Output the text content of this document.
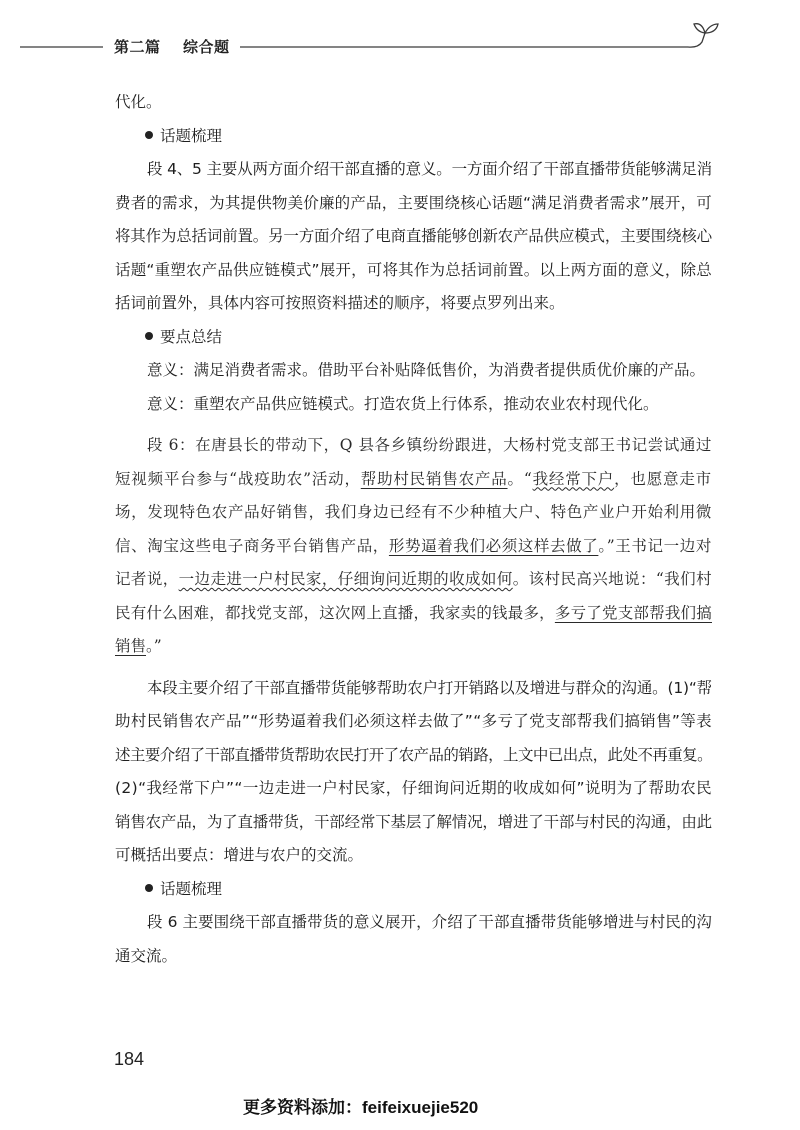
第二篇 综合题
代化。
话题梳理
段 4、5 主要从两方面介绍干部直播的意义。一方面介绍了干部直播带货能够满足消
费者的需求，为其提供物美价廉的产品，主要围绕核心话题“满足消费者需求”展开，可
将其作为总括词前置。另一方面介绍了电商直播能够创新农产品供应模式，主要围绕核心
话题“重塑农产品供应链模式”展开，可将其作为总括词前置。以上两方面的意义，除总
括词前置外，具体内容可按照资料描述的顺序，将要点罗列出来。
要点总结
意义：满足消费者需求。借助平台补贴降低售价，为消费者提供质优价廉的产品。
意义：重塑农产品供应链模式。打造农货上行体系，推动农业农村现代化。
段 6：在唐县长的带动下，Q 县各乡镇纷纷跟进，大杨村党支部王书记尝试通过
短视频平台参与“战疫助农”活动，帮助村民销售农产品。“我经常下户，也愿意走市
场，发现特色农产品好销售，我们身边已经有不少种植大户、特色产业户开始利用微
信、淘宝这些电子商务平台销售产品，形势逼着我们必须这样去做了。”王书记一边对
记者说，一边走进一户村民家，仔细询问近期的收成如何。该村民高兴地说：“我们村
民有什么困难，都找党支部，这次网上直播，我家卖的钱最多，多亏了党支部帮我们搞
销售。”
本段主要介绍了干部直播带货能够帮助农户打开销路以及增进与群众的沟通。(1)“帮
助村民销售农产品”“形势逼着我们必须这样去做了”“多亏了党支部帮我们搞销售”等表
述主要介绍了干部直播带货帮助农民打开了农产品的销路，上文中已出点，此处不再重复。
(2)“我经常下户”“一边走进一户村民家，仔细询问近期的收成如何”说明为了帮助农民
销售农产品，为了直播带货，干部经常下基层了解情况，增进了干部与村民的沟通，由此
可概括出要点：增进与农户的交流。
话题梳理
段 6 主要围绕干部直播带货的意义展开，介绍了干部直播带货能够增进与村民的沟
通交流。
184
更多资料添加：feifeixuejie520
